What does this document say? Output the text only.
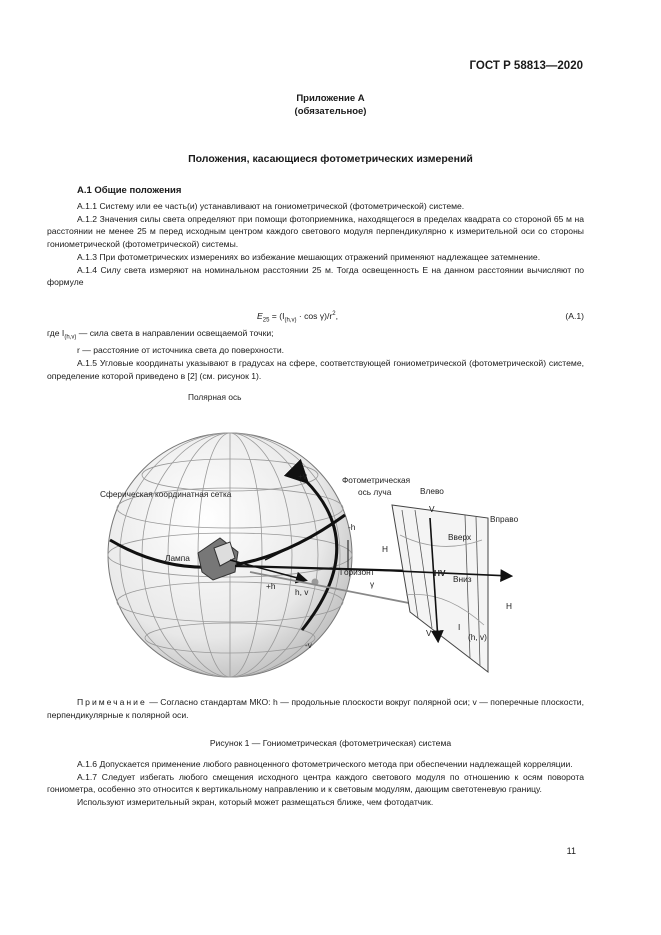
ГОСТ Р 58813—2020
Приложение А
(обязательное)
Положения, касающиеся фотометрических измерений
А.1 Общие положения

А.1.1 Систему или ее часть(и) устанавливают на гониометрической (фотометрической) системе.

А.1.2 Значения силы света определяют при помощи фотоприемника, находящегося в пределах квадрата со стороной 65 м на расстоянии не менее 25 м перед исходным центром каждого светового модуля перпендикулярно к измерительной оси со стороны гониометрической (фотометрической) системы.

А.1.3 При фотометрических измерениях во избежание мешающих отражений применяют надлежащее затемнение.

А.1.4 Силу света измеряют на номинальном расстоянии 25 м. Тогда освещенность E на данном расстоянии вычисляют по формуле

$E_{25} = (I_{(h,v)} \cdot \cos \gamma)/r^2$,	(А.1)

где $I_{(h,v)}$ — сила света в направлении освещаемой точки;

r — расстояние от источника света до поверхности.

А.1.5 Угловые координаты указывают в градусах на сфере, соответствующей гониометрической (фотометрической) системе, определение которой приведено в [2] (см. рисунок 1).

Полярная ось
Сферическая координатная сетка
Лампа
Фотометрическая
ось луча
Горизонт
+v
-v
+h
-h
h, v
γ
Влево
Вправо
Вверх
Вниз
H
H
V
V
HV
I
(h, v)
Примечание — Согласно стандартам МКО: h — продольные плоскости вокруг полярной оси; v — поперечные плоскости, перпендикулярные к полярной оси.
Рисунок 1 — Гониометрическая (фотометрическая) система

А.1.6 Допускается применение любого равноценного фотометрического метода при обеспечении надлежащей корреляции.

А.1.7 Следует избегать любого смещения исходного центра каждого светового модуля по отношению к осям поворота гониометра, особенно это относится к вертикальному направлению и к световым модулям, дающим светотеневую границу.

Используют измерительный экран, который может размещаться ближе, чем фотодатчик.

11
